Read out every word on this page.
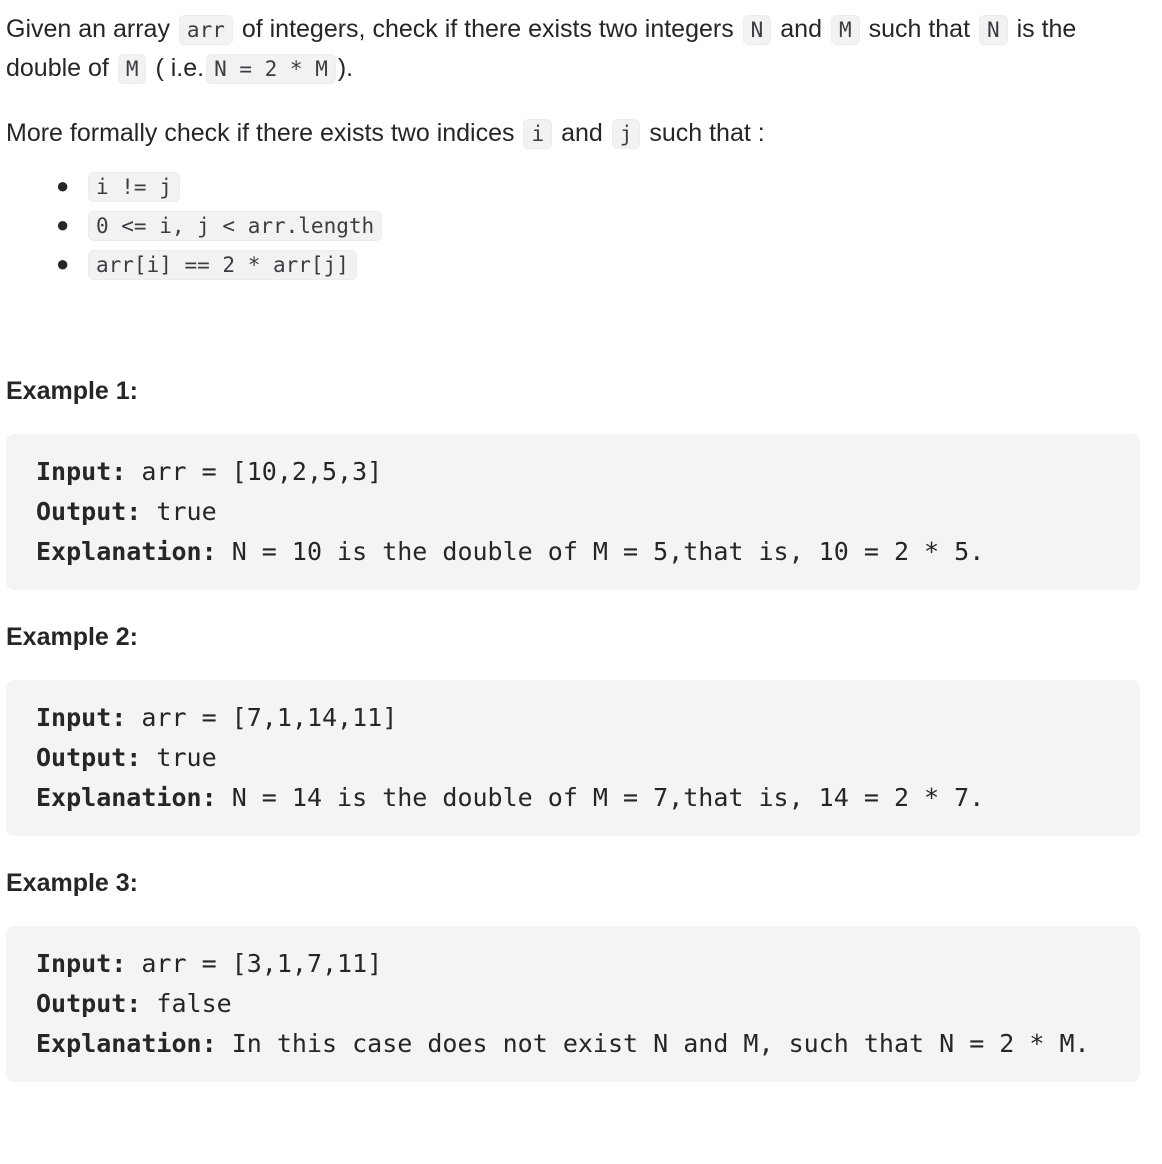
Given an array arr of integers, check if there exists two integers N and M such that N is the double of M ( i.e. N = 2 * M ).

More formally check if there exists two indices i and j such that :

● i != j
● 0 <= i, j < arr.length
● arr[i] == 2 * arr[j]

Example 1:

Input: arr = [10,2,5,3]
Output: true
Explanation: N = 10 is the double of M = 5,that is, 10 = 2 * 5.

Example 2:

Input: arr = [7,1,14,11]
Output: true
Explanation: N = 14 is the double of M = 7,that is, 14 = 2 * 7.

Example 3:

Input: arr = [3,1,7,11]
Output: false
Explanation: In this case does not exist N and M, such that N = 2 * M.
